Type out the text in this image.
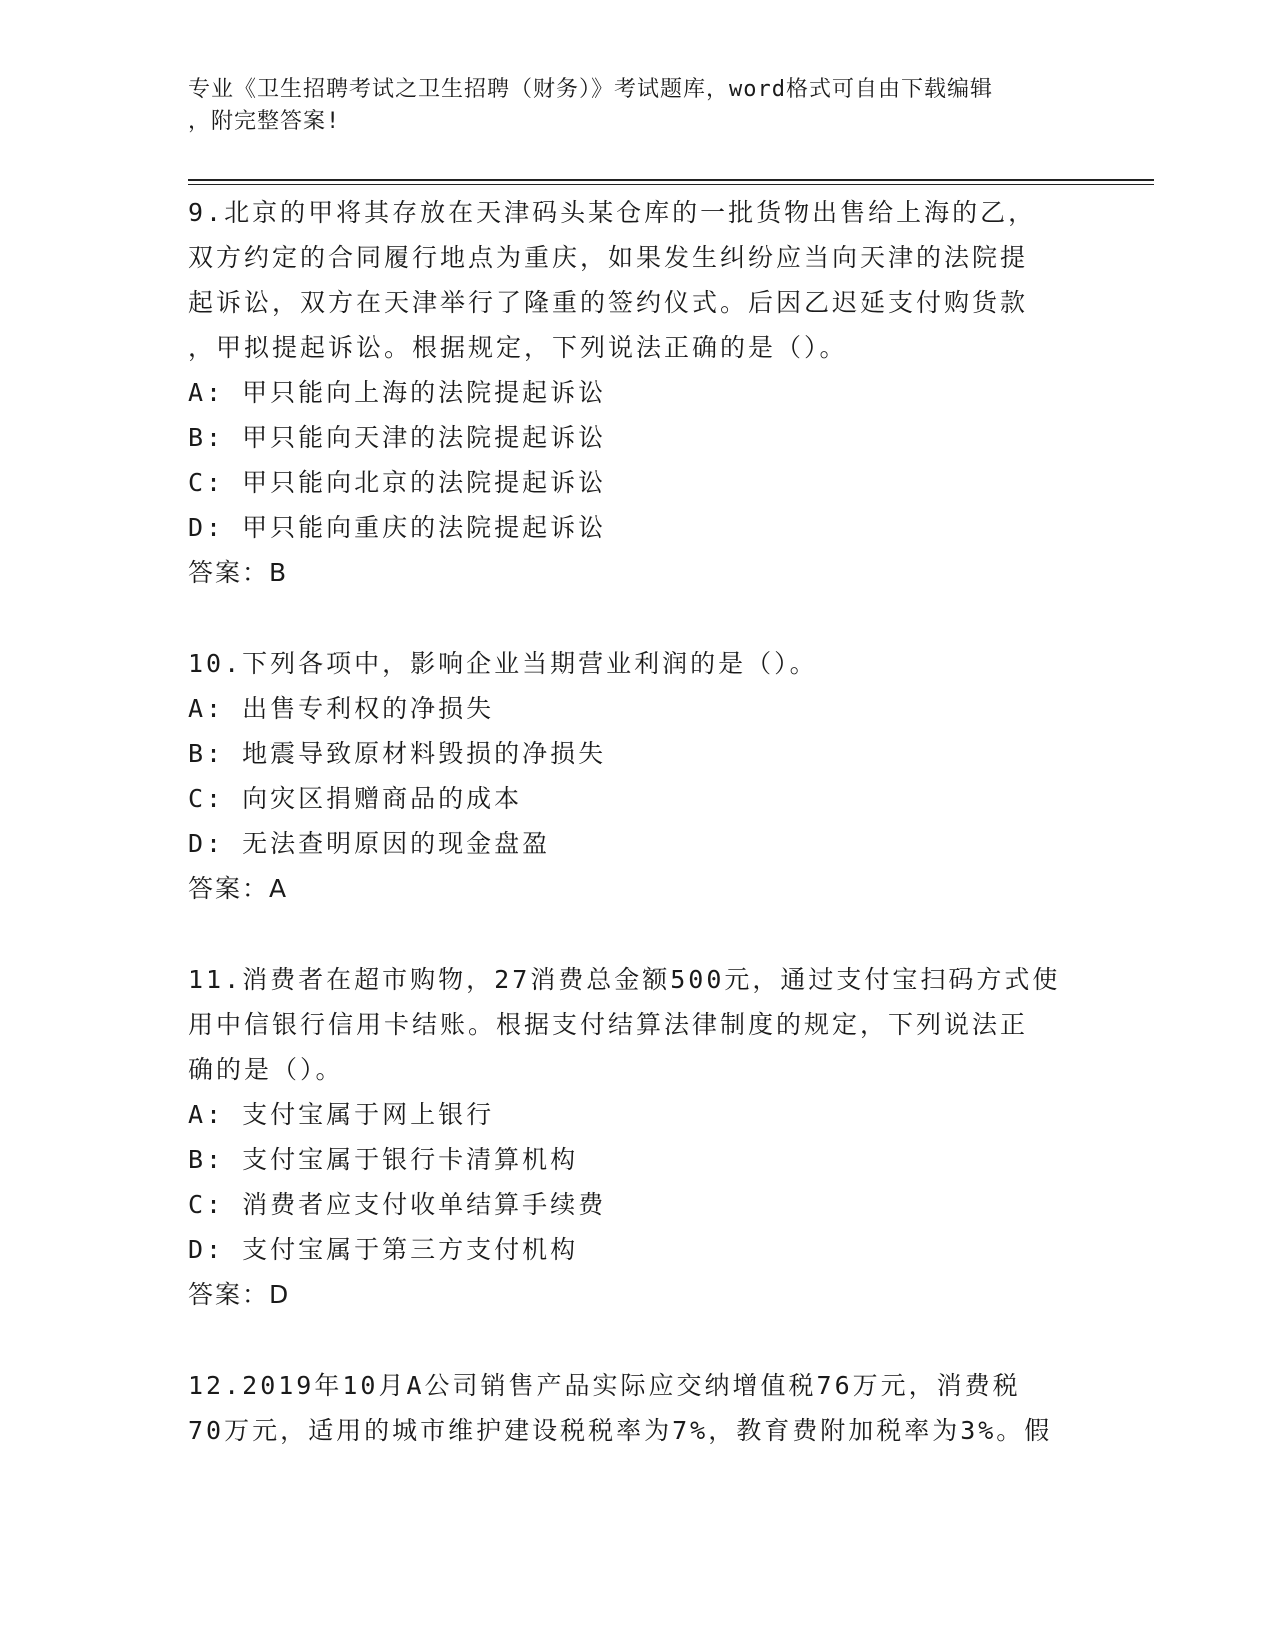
专业《卫生招聘考试之卫生招聘（财务）》考试题库，word格式可自由下载编辑
，附完整答案!

9.北京的甲将其存放在天津码头某仓库的一批货物出售给上海的乙，

双方约定的合同履行地点为重庆，如果发生纠纷应当向天津的法院提

起诉讼，双方在天津举行了隆重的签约仪式。后因乙迟延支付购货款

，甲拟提起诉讼。根据规定，下列说法正确的是（）。

A: 甲只能向上海的法院提起诉讼

B: 甲只能向天津的法院提起诉讼

C: 甲只能向北京的法院提起诉讼

D: 甲只能向重庆的法院提起诉讼

答案：B

10.下列各项中，影响企业当期营业利润的是（）。

A: 出售专利权的净损失

B: 地震导致原材料毁损的净损失

C: 向灾区捐赠商品的成本

D: 无法查明原因的现金盘盈

答案：A

11.消费者在超市购物，27消费总金额500元，通过支付宝扫码方式使

用中信银行信用卡结账。根据支付结算法律制度的规定，下列说法正

确的是（）。

A: 支付宝属于网上银行

B: 支付宝属于银行卡清算机构

C: 消费者应支付收单结算手续费

D: 支付宝属于第三方支付机构

答案：D

12.2019年10月A公司销售产品实际应交纳增值税76万元，消费税

70万元，适用的城市维护建设税税率为7%，教育费附加税率为3%。假
